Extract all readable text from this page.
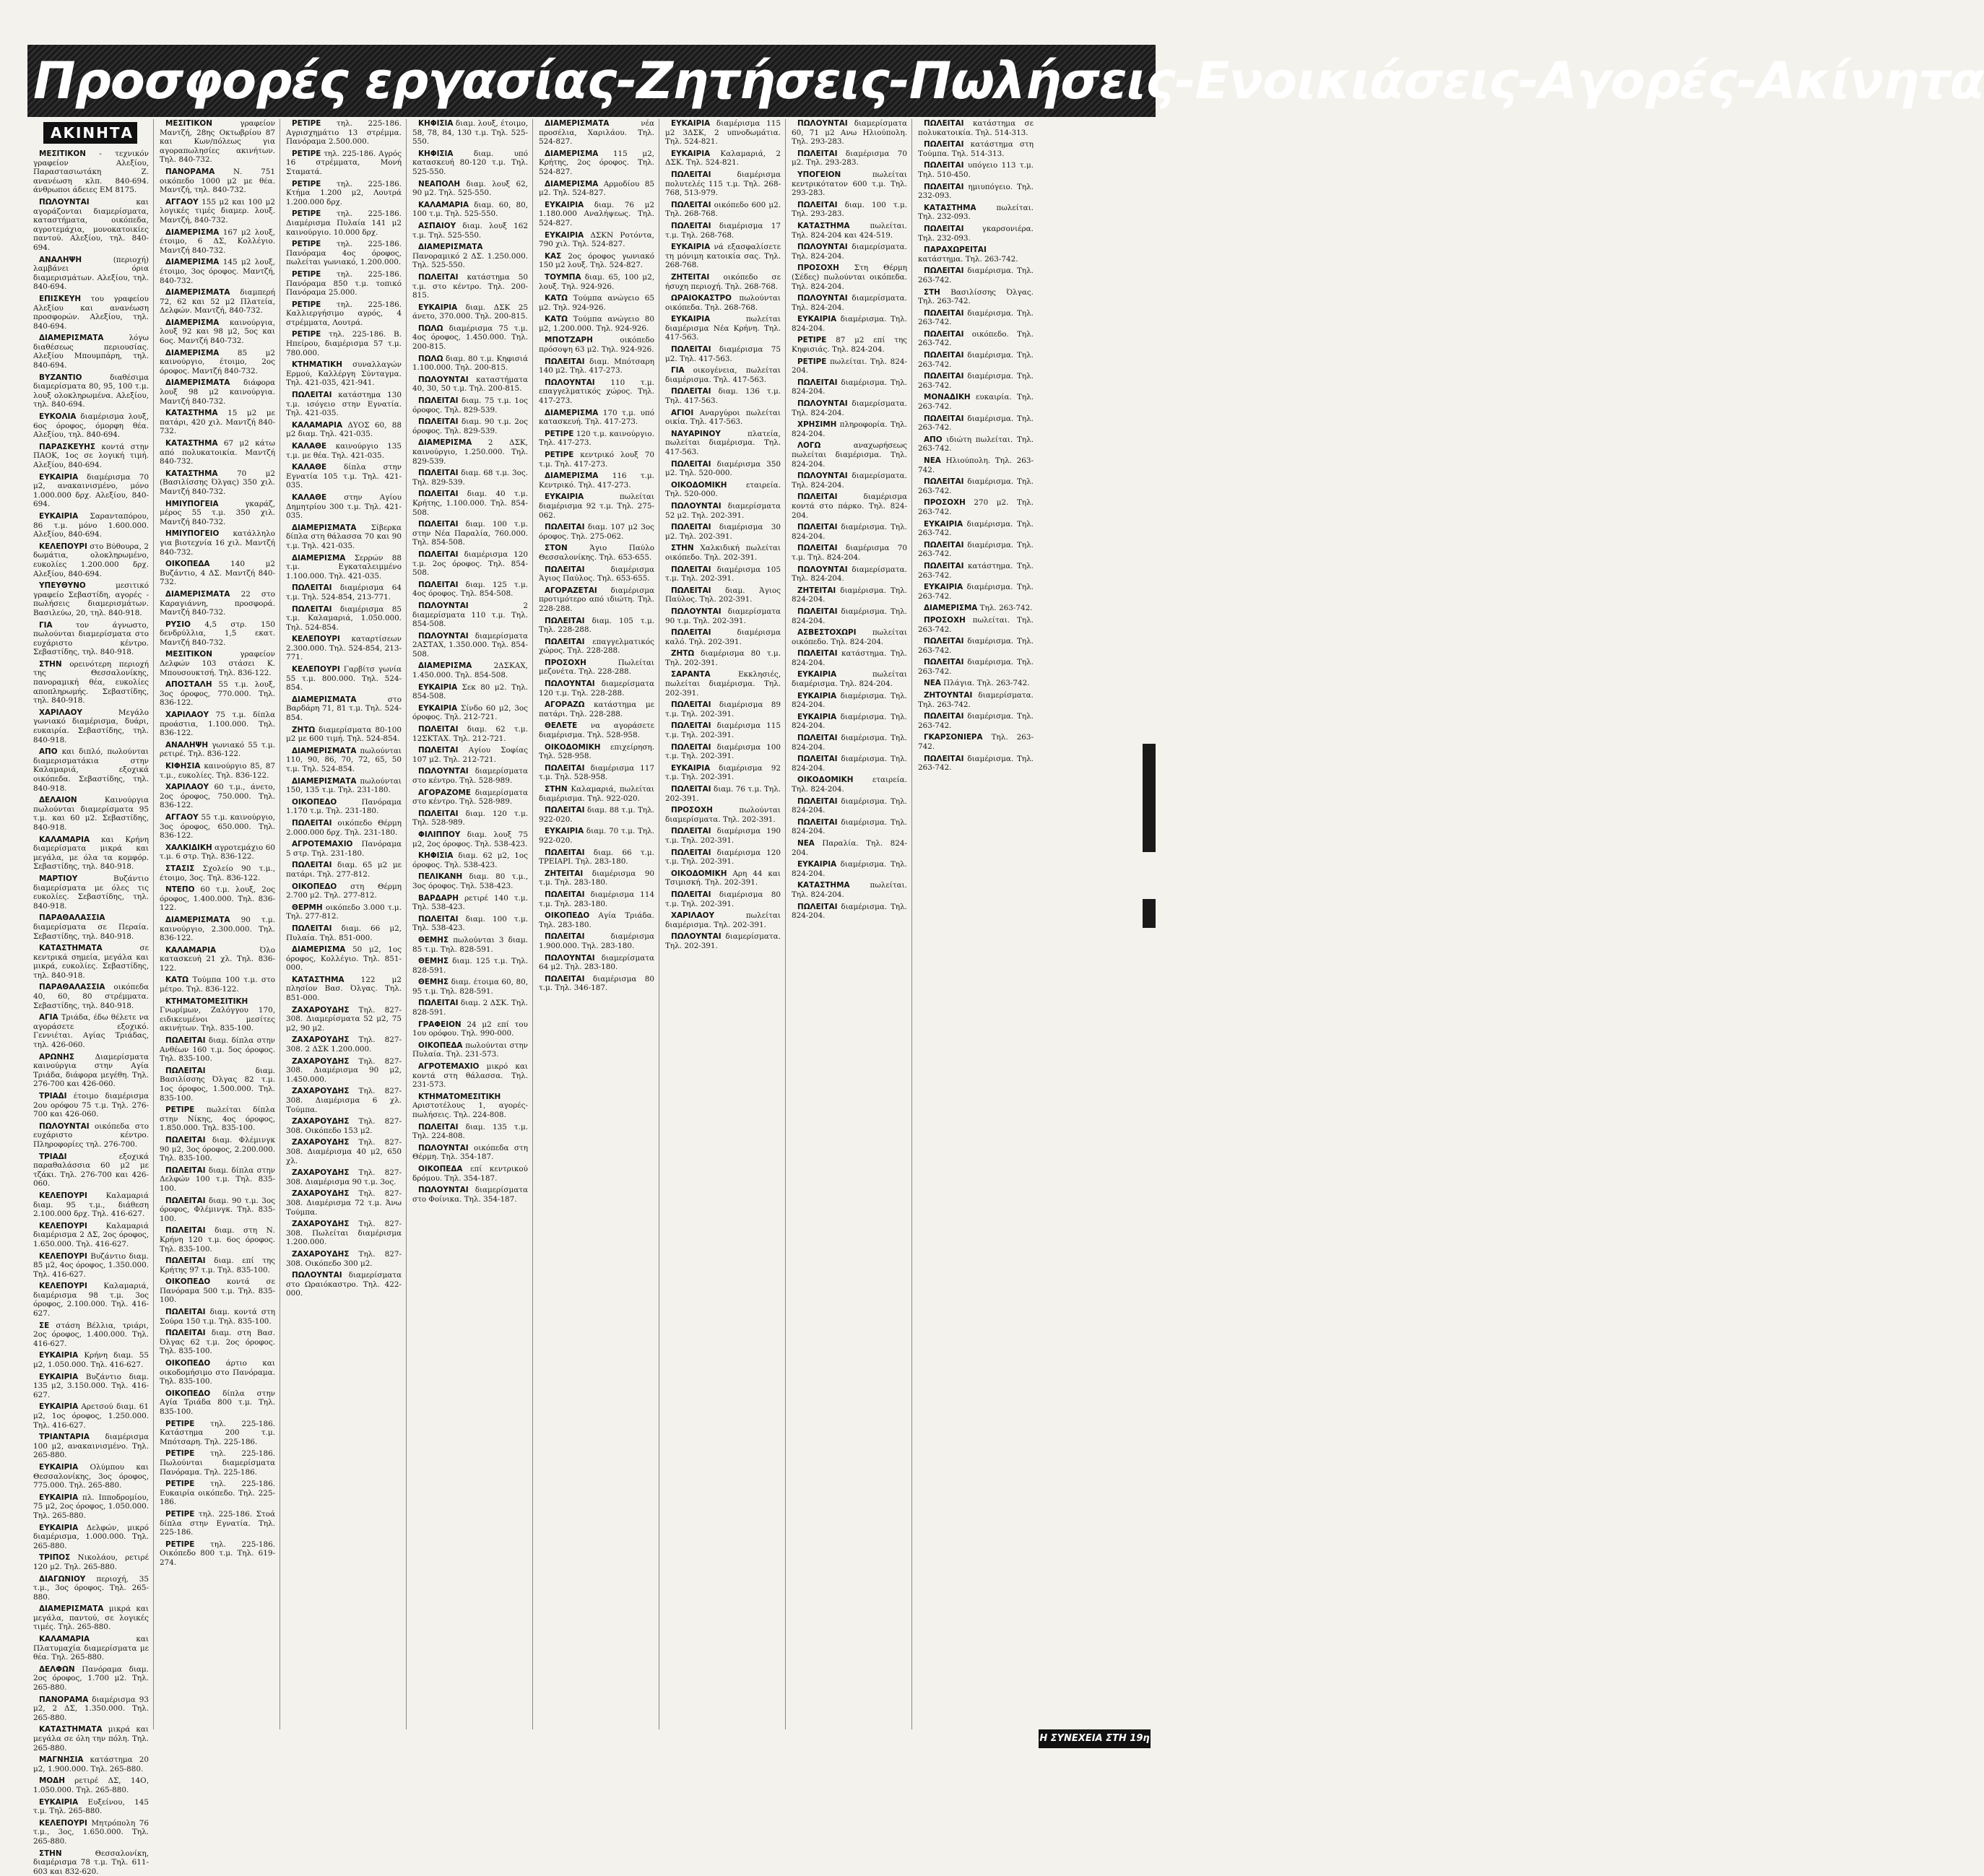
Προσφορές εργασίας-Ζητήσεις-Πωλήσεις-Ενοικιάσεις-Αγορές-Ακίνητα
ΑΚΙΝΗΤΑ

ΜΕΣΙΤΙΚΟΝ - τεχνικόν γραφείον Αλεξίου, Παραστασιωτάκη Ζ. ανανέωση κλπ. 840-694. άνθρωποι άδειες ΕΜ 8175.

ΠΩΛΟΥΝΤΑΙ	και αγοράζονται διαμερίσματα, καταστήματα, οικόπεδα, αγροτεμάχια, μονοκατοικίες παντού. Αλεξίου, τηλ. 840-694.

ΑΝΑΛΗΨΗ	(περιοχή) λαμβάνει όρια διαμερισμάτων. Αλεξίου, τηλ. 840-694.

ΕΠΙΣΚΕΥΗ του γραφείου Αλεξίου και ανανέωση προσφορών. Αλεξίου, τηλ. 840-694.

ΔΙΑΜΕΡΙΣΜΑΤΑ	λόγω διαθέσεως περιουσίας. Αλεξίου Μπουμπάρη, τηλ. 840-694.

ΒΥΖΑΝΤΙΟ	διαθέσιμα διαμερίσματα 80, 95, 100 τ.μ. λουξ ολοκληρωμένα. Αλεξίου, τηλ. 840-694.

ΕΥΚΟΛΙΑ διαμέρισμα λουξ, 6ος όροφος, όμορφη θέα. Αλεξίου, τηλ. 840-694.

ΠΑΡΑΣΚΕΥΗΣ κοντά στην ΠΑΟΚ, 1ος σε λογική τιμή. Αλεξίου, 840-694.

ΕΥΚΑΙΡΙΑ διαμέρισμα 70 μ2, ανακαινισμένο, μόνο 1.000.000 δρχ. Αλεξίου, 840-694.

ΕΥΚΑΙΡΙΑ Σαρανταπόρου, 86 τ.μ. μόνο 1.600.000. Αλεξίου, 840-694.

ΚΕΛΕΠΟΥΡΙ στο Βύθουρα, 2 δωμάτια, ολοκληρωμένο, ευκολίες 1.200.000 δρχ. Αλεξίου, 840-694.

ΥΠΕΥΘΥΝΟ	μεσιτικό γραφείο Σεβαστίδη, αγορές - πωλήσεις διαμερισμάτων. Βασιλεύω, 20, τηλ. 840-918.

ΓΙΑ	τον άγνωστο, πωλούνται διαμερίσματα στο ευχάριστο κέντρο. Σεβαστίδης, τηλ. 840-918.

ΣΤΗΝ ορεινότερη περιοχή της Θεσσαλονίκης, πανοραμική θέα, ευκολίες αποπληρωμής. Σεβαστίδης, τηλ. 840-918.

ΧΑΡΙΛΑΟΥ	Μεγάλο γωνιακό διαμέρισμα, δυάρι, ευκαιρία. Σεβαστίδης, τηλ. 840-918.

ΑΠΟ και διπλό, πωλούνται διαμερισματάκια στην Καλαμαριά, εξοχικά οικόπεδα. Σεβαστίδης, τηλ. 840-918.

ΔΕΛΑΙΟΝ	Καινούργια πωλούνται διαμερίσματα 95 τ.μ. και 60 μ2. Σεβαστίδης, 840-918.

ΚΑΛΑΜΑΡΙΑ και Κρήνη διαμερίσματα μικρά και μεγάλα, με όλα τα κομφόρ. Σεβαστίδης, τηλ. 840-918.

ΜΑΡΤΙΟΥ	Βυζάντιο διαμερίσματα με όλες τις ευκολίες. Σεβαστίδης, τηλ. 840-918.

ΠΑΡΑΘΑΛΑΣΣΙΑ διαμερίσματα σε Περαία. Σεβαστίδης, τηλ. 840-918.

ΚΑΤΑΣΤΗΜΑΤΑ	σε κεντρικά σημεία, μεγάλα και μικρά, ευκολίες. Σεβαστίδης, τηλ. 840-918.

ΠΑΡΑΘΑΛΑΣΣΙΑ οικόπεδα 40, 60, 80 στρέμματα. Σεβαστίδης, τηλ. 840-918.

ΑΓΙΑ Τριάδα, έδω θέλετε να αγοράσετε εξοχικό. Γεννιέται. Αγίας Τριάδας, τηλ. 426-060.

ΑΡΩΝΗΣ	Διαμερίσματα καινούργια στην Αγία Τριάδα, διάφορα μεγέθη. Τηλ. 276-700 και 426-060.

ΤΡΙΑΔΙ έτοιμο διαμέρισμα 2ου ορόφου 75 τ.μ. Τηλ. 276-700 και 426-060.

ΠΩΛΟΥΝΤΑΙ οικόπεδα στο ευχάριστο κέντρο. Πληροφορίες τηλ. 276-700.

ΤΡΙΑΔΙ	εξοχικά παραθαλάσσια 60 μ2 με τζάκι. Τηλ. 276-700 και 426-060.

ΚΕΛΕΠΟΥΡΙ Καλαμαριά διαμ. 95 τ.μ., διάθεση 2.100.000 δρχ. Τηλ. 416-627.

ΚΕΛΕΠΟΥΡΙ Καλαμαριά διαμέρισμα 2 ΔΣ, 2ος όροφος, 1.650.000. Τηλ. 416-627.

ΚΕΛΕΠΟΥΡΙ Βυζάντιο διαμ. 85 μ2, 4ος όροφος, 1.350.000. Τηλ. 416-627.

ΚΕΛΕΠΟΥΡΙ Καλαμαριά, διαμέρισμα 98 τ.μ. 3ος όροφος, 2.100.000. Τηλ. 416-627.

ΣΕ στάση Βέλλια, τριάρι, 2ος όροφος, 1.400.000. Τηλ. 416-627.

ΕΥΚΑΙΡΙΑ Κρήνη διαμ. 55 μ2, 1.050.000. Τηλ. 416-627.

ΕΥΚΑΙΡΙΑ Βυζάντιο διαμ. 135 μ2, 3.150.000. Τηλ. 416-627.

ΕΥΚΑΙΡΙΑ Αρετσού διαμ. 61 μ2, 1ος όροφος, 1.250.000. Τηλ. 416-627.

ΤΡΙΑΝΤΑΡΙΑ διαμέρισμα 100 μ2, ανακαινισμένο. Τηλ. 265-880.

ΕΥΚΑΙΡΙΑ Ολύμπου και Θεσσαλονίκης, 3ος όροφος, 775.000. Τηλ. 265-880.

ΕΥΚΑΙΡΙΑ πλ. Ιπποδρομίου, 75 μ2, 2ος όροφος, 1.050.000. Τηλ. 265-880.

ΕΥΚΑΙΡΙΑ Δελφών, μικρό διαμέρισμα, 1.000.000. Τηλ. 265-880.

ΤΡΙΠΟΣ Νικολάου, ρετιρέ 120 μ2. Τηλ. 265-880.

ΔΙΑΓΩΝΙΟΥ περιοχή, 35 τ.μ., 3ος όροφος. Τηλ. 265-880.

ΔΙΑΜΕΡΙΣΜΑΤΑ μικρά και μεγάλα, παντού, σε λογικές τιμές. Τηλ. 265-880.

ΚΑΛΑΜΑΡΙΑ	και Πλατυμαχία διαμερίσματα με θέα. Τηλ. 265-880.

ΔΕΛΦΩΝ Πανόραμα διαμ. 2ος όροφος, 1.700 μ2. Τηλ. 265-880.

ΠΑΝΟΡΑΜΑ διαμέρισμα 93 μ2, 2 ΔΣ, 1.350.000. Τηλ. 265-880.

ΚΑΤΑΣΤΗΜΑΤΑ μικρά και μεγάλα σε όλη την πόλη. Τηλ. 265-880.

ΜΑΓΝΗΣΙΑ κατάστημα 20 μ2, 1.900.000. Τηλ. 265-880.

ΜΟΔΗ ρετιρέ ΔΣ, 14Ο, 1.050.000. Τηλ. 265-880.

ΕΥΚΑΙΡΙΑ Ευξείνου, 145 τ.μ. Τηλ. 265-880.

ΚΕΛΕΠΟΥΡΙ Μητρόπολη 76 τ.μ., 3ος, 1.650.000. Τηλ. 265-880.

ΣΤΗΝ	Θεσσαλονίκη, διαμέρισμα 78 τ.μ. Τηλ. 611-603 και 832-620.

ΜΕΣΙΤΙΚΟΝ	γραφείον Μαντζή, 28ης Οκτωβρίου 87 και Κων/πόλεως για αγοραπωλησίες ακινήτων. Τηλ. 840-732.

ΠΑΝΟΡΑΜΑ Ν. 751 οικόπεδο 1000 μ2 με θέα. Μαντζή, τηλ. 840-732.

ΑΓΓΑΟΥ 155 μ2 και 100 μ2 λογικές τιμές διαμερ. λουξ. Μαντζή, 840-732.

ΔΙΑΜΕΡΙΣΜΑ 167 μ2 λουξ, έτοιμο, 6 ΔΣ, Κολλέγιο. Μαντζή 840-732.

ΔΙΑΜΕΡΙΣΜΑ 145 μ2 λουξ, έτοιμο, 3ος όροφος. Μαντζή, 840-732.

ΔΙΑΜΕΡΙΣΜΑΤΑ διαμπερή 72, 62 και 52 μ2 Πλατεία, Δελφών. Μαντζή, 840-732.

ΔΙΑΜΕΡΙΣΜΑ καινούργια, λουξ 92 και 98 μ2, 5ος και 6ος. Μαντζή 840-732.

ΔΙΑΜΕΡΙΣΜΑ 85 μ2 καινούργιο, έτοιμο, 2ος όροφος. Μαντζή 840-732.

ΔΙΑΜΕΡΙΣΜΑΤΑ διάφορα λουξ 98 μ2 καινούργια. Μαντζή 840-732.

ΚΑΤΑΣΤΗΜΑ 15 μ2 με πατάρι, 420 χιλ. Μαντζή 840-732.

ΚΑΤΑΣΤΗΜΑ 67 μ2 κάτω από πολυκατοικία. Μαντζή 840-732.

ΚΑΤΑΣΤΗΜΑ	70 μ2 (Βασιλίσσης Όλγας) 350 χιλ. Μαντζή 840-732.

ΗΜΙΥΠΟΓΕΙΑ	γκαράζ, μέρος 55 τ.μ. 350 χιλ. Μαντζή 840-732.

ΗΜΙΥΠΟΓΕΙΟ κατάλληλο για βιοτεχνία 16 χιλ. Μαντζή 840-732.

ΟΙΚΟΠΕΔΑ	140 μ2 Βυζάντιο, 4 ΔΣ. Μαντζή 840-732.

ΔΙΑΜΕΡΙΣΜΑΤΑ 22 στο Καραγιάννη, προσφορά. Μαντζή 840-732.

ΡΥΣΙΟ 4,5 στρ. 150 δενδρύλλια, 1,5 εκατ. Μαντζή 840-732.

ΜΕΣΙΤΙΚΟΝ	γραφείον Δελφών 103 στάσει Κ. Μπουσουκτσή. Τηλ. 836-122.

ΑΠΟΣΤΑΛΗ 55 τ.μ. λουξ, 3ος όροφος, 770.000. Τηλ. 836-122.

ΧΑΡΙΛΑΟΥ 75 τ.μ. δίπλα προάστια, 1.100.000. Τηλ. 836-122.

ΑΝΑΛΗΨΗ γωνιακό 55 τ.μ. ρετιρέ. Τηλ. 836-122.

ΚΙΦΗΣΙΑ καινούργιο 85, 87 τ.μ., ευκολίες. Τηλ. 836-122.

ΧΑΡΙΛΑΟΥ 60 τ.μ., άνετο, 2ος όροφος, 750.000. Τηλ. 836-122.

ΑΓΓΑΟΥ 55 τ.μ. καινούργιο, 3ος όροφος, 650.000. Τηλ. 836-122.

ΧΑΛΚΙΔΙΚΗ αγροτεμάχιο 60 τ.μ. 6 στρ. Τηλ. 836-122.

ΣΤΑΣΙΣ Σχολείο 90 τ.μ., έτοιμο, 3ος. Τηλ. 836-122.

ΝΤΕΠΟ 60 τ.μ. λουξ, 2ος όροφος, 1.400.000. Τηλ. 836-122.

ΔΙΑΜΕΡΙΣΜΑΤΑ 90 τ.μ. καινούργιο, 2.300.000. Τηλ. 836-122.

ΚΑΛΑΜΑΡΙΑ	Όλο κατασκευή 21 χλ. Τηλ. 836-122.

ΚΑΤΩ Τούμπα 100 τ.μ. στο μέτρο. Τηλ. 836-122.

ΚΤΗΜΑΤΟΜΕΣΙΤΙΚΗ Γνωρίμων, Ζαλόγγου 170, ειδικευμένοι μεσίτες ακινήτων. Τηλ. 835-100.

ΠΩΛΕΙΤΑΙ διαμ. δίπλα στην Ανθέων 160 τ.μ. 5ος όροφος. Τηλ. 835-100.

ΠΩΛΕΙΤΑΙ	διαμ. Βασιλίσσης Όλγας 82 τ.μ. 1ος όροφος, 1.500.000. Τηλ. 835-100.

ΡΕΤΙΡΕ πωλείται δίπλα στην Νίκης, 4ος όροφος, 1.850.000. Τηλ. 835-100.

ΠΩΛΕΙΤΑΙ διαμ. Φλέμινγκ 90 μ2, 3ος όροφος, 2.200.000. Τηλ. 835-100.

ΠΩΛΕΙΤΑΙ διαμ. δίπλα στην Δελφών 100 τ.μ. Τηλ. 835-100.

ΠΩΛΕΙΤΑΙ διαμ. 90 τ.μ. 3ος όροφος, Φλέμινγκ. Τηλ. 835-100.

ΠΩΛΕΙΤΑΙ διαμ. στη Ν. Κρήνη 120 τ.μ. 6ος όροφος. Τηλ. 835-100.

ΠΩΛΕΙΤΑΙ διαμ. επί της Κρήτης 97 τ.μ. Τηλ. 835-100.

ΟΙΚΟΠΕΔΟ κοντά σε Πανόραμα 500 τ.μ. Τηλ. 835-100.

ΠΩΛΕΙΤΑΙ διαμ. κοντά στη Σούρα 150 τ.μ. Τηλ. 835-100.

ΠΩΛΕΙΤΑΙ διαμ. στη Βασ. Όλγας 62 τ.μ. 2ος όροφος. Τηλ. 835-100.

ΟΙΚΟΠΕΔΟ άρτιο και οικοδομήσιμο στο Πανόραμα. Τηλ. 835-100.

ΟΙΚΟΠΕΔΟ δίπλα στην Αγία Τριάδα 800 τ.μ. Τηλ. 835-100.

ΡΕΤΙΡΕ τηλ. 225-186. Κατάστημα 200 τ.μ. Μπότσαρη. Τηλ. 225-186.

ΡΕΤΙΡΕ τηλ. 225-186. Πωλούνται διαμερίσματα Πανόραμα. Τηλ. 225-186.

ΡΕΤΙΡΕ τηλ. 225-186. Ευκαιρία οικόπεδο. Τηλ. 225-186.

ΡΕΤΙΡΕ τηλ. 225-186. Στοά δίπλα στην Εγνατία. Τηλ. 225-186.

ΡΕΤΙΡΕ τηλ. 225-186. Οικόπεδο 800 τ.μ. Τηλ. 619-274.

ΡΕΤΙΡΕ τηλ. 225-186. Αγρισχημάτιο 13 στρέμμα. Πανόραμα 2.500.000.

ΡΕΤΙΡΕ τηλ. 225-186. Αγρός 16 στρέμματα, Μονή Σταματά.

ΡΕΤΙΡΕ τηλ. 225-186. Κτήμα 1.200 μ2, Λουτρά 1.200.000 δρχ.

ΡΕΤΙΡΕ τηλ. 225-186. Διαμέρισμα Πυλαία 141 μ2 καινούργιο. 10.000 δρχ.

ΡΕΤΙΡΕ τηλ. 225-186. Πανόραμα 4ος όροφος, πωλείται γωνιακό, 1.200.000.

ΡΕΤΙΡΕ τηλ. 225-186. Πανόραμα 850 τ.μ. τοπικό Πανόραμα 25.000.

ΡΕΤΙΡΕ τηλ. 225-186. Καλλιεργήσιμο αγρός, 4 στρέμματα, Λουτρά.

ΡΕΤΙΡΕ τηλ. 225-186. Β. Ηπείρου, διαμέρισμα 57 τ.μ. 780.000.

ΚΤΗΜΑΤΙΚΗ συναλλαγών Ερμού, Καλλέργη Σύνταγμα. Τηλ. 421-035, 421-941.

ΠΩΛΕΙΤΑΙ κατάστημα 130 τ.μ. ισόγειο στην Εγνατία. Τηλ. 421-035.

ΚΑΛΑΜΑΡΙΑ ΔΥΟΣ 60, 88 μ2 διαμ. Τηλ. 421-035.

ΚΑΛΑΘΕ καινούργιο 135 τ.μ. με θέα. Τηλ. 421-035.

ΚΑΛΑΘΕ δίπλα στην Εγνατία 105 τ.μ. Τηλ. 421-035.

ΚΑΛΑΘΕ στην Αγίου Δημητρίου 300 τ.μ. Τηλ. 421-035.

ΔΙΑΜΕΡΙΣΜΑΤΑ Σίβερκα δίπλα στη θάλασσα 70 και 90 τ.μ. Τηλ. 421-035.

ΔΙΑΜΕΡΙΣΜΑ Σερρών 88 τ.μ. Εγκαταλειμμένο 1.100.000. Τηλ. 421-035.

ΠΩΛΕΙΤΑΙ διαμέρισμα 64 τ.μ. Τηλ. 524-854, 213-771.

ΠΩΛΕΙΤΑΙ διαμέρισμα 85 τ.μ. Καλαμαριά, 1.050.000. Τηλ. 524-854.

ΚΕΛΕΠΟΥΡΙ καταρτίσεων 2.300.000. Τηλ. 524-854, 213-771.

ΚΕΛΕΠΟΥΡΙ Γαρβίτσ γωνία 55 τ.μ. 800.000. Τηλ. 524-854.

ΔΙΑΜΕΡΙΣΜΑΤΑ	στο Βαρδάρη 71, 81 τ.μ. Τηλ. 524-854.

ΖΗΤΩ διαμερίσματα 80-100 μ2 με 600 τιμή. Τηλ. 524-854.

ΔΙΑΜΕΡΙΣΜΑΤΑ πωλούνται 110, 90, 86, 70, 72, 65, 50 τ.μ. Τηλ. 524-854.

ΔΙΑΜΕΡΙΣΜΑΤΑ πωλούνται 150, 135 τ.μ. Τηλ. 231-180.

ΟΙΚΟΠΕΔΟ	Πανόραμα 1.170 τ.μ. Τηλ. 231-180.

ΠΩΛΕΙΤΑΙ οικόπεδο Θέρμη 2.000.000 δρχ. Τηλ. 231-180.

ΑΓΡΟΤΕΜΑΧΙΟ Πανόραμα 5 στρ. Τηλ. 231-180.

ΠΩΛΕΙΤΑΙ διαμ. 65 μ2 με πατάρι. Τηλ. 277-812.

ΟΙΚΟΠΕΔΟ στη Θέρμη 2.700 μ2. Τηλ. 277-812.

ΘΕΡΜΗ οικόπεδο 3.000 τ.μ. Τηλ. 277-812.

ΠΩΛΕΙΤΑΙ διαμ. 66 μ2, Πυλαία. Τηλ. 851-000.

ΔΙΑΜΕΡΙΣΜΑ 50 μ2, 1ος όροφος, Κολλέγιο. Τηλ. 851-000.

ΚΑΤΑΣΤΗΜΑ 122 μ2 πλησίον Βασ. Όλγας. Τηλ. 851-000.

ΖΑΧΑΡΟΥΔΗΣ Τηλ. 827-308. Διαμερίσματα 52 μ2, 75 μ2, 90 μ2.

ΖΑΧΑΡΟΥΔΗΣ Τηλ. 827-308. 2 ΔΣΚ 1.200.000.

ΖΑΧΑΡΟΥΔΗΣ Τηλ. 827-308. Διαμέρισμα 90 μ2, 1.450.000.

ΖΑΧΑΡΟΥΔΗΣ Τηλ. 827-308. Διαμέρισμα 6 χλ. Τούμπα.

ΖΑΧΑΡΟΥΔΗΣ Τηλ. 827-308. Οικόπεδο 153 μ2.

ΖΑΧΑΡΟΥΔΗΣ Τηλ. 827-308. Διαμέρισμα 40 μ2, 650 χλ.

ΖΑΧΑΡΟΥΔΗΣ Τηλ. 827-308. Διαμέρισμα 90 τ.μ. 3ος.

ΖΑΧΑΡΟΥΔΗΣ Τηλ. 827-308. Διαμέρισμα 72 τ.μ. Άνω Τούμπα.

ΖΑΧΑΡΟΥΔΗΣ Τηλ. 827-308. Πωλείται διαμέρισμα 1.200.000.

ΖΑΧΑΡΟΥΔΗΣ Τηλ. 827-308. Οικόπεδο 300 μ2.

ΠΩΛΟΥΝΤΑΙ διαμερίσματα στο Ωραιόκαστρο. Τηλ. 422-000.

ΚΗΦΙΣΙΑ διαμ. λουξ, έτοιμο, 58, 78, 84, 130 τ.μ. Τηλ. 525-550.

ΚΗΦΙΣΙΑ	διαμ. υπό κατασκευή 80-120 τ.μ. Τηλ. 525-550.

ΝΕΑΠΟΛΗ διαμ. λουξ 62, 90 μ2. Τηλ. 525-550.

ΚΑΛΑΜΑΡΙΑ διαμ. 60, 80, 100 τ.μ. Τηλ. 525-550.

ΑΣΠΑΙΟΥ διαμ. λουξ 162 τ.μ. Τηλ. 525-550.

ΔΙΑΜΕΡΙΣΜΑΤΑ Πανοραμικό 2 ΔΣ. 1.250.000. Τηλ. 525-550.

ΠΩΛΕΙΤΑΙ κατάστημα 50 τ.μ. στο κέντρο. Τηλ. 200-815.

ΕΥΚΑΙΡΙΑ διαμ. ΔΣΚ 25 άνετο, 370.000. Τηλ. 200-815.

ΠΩΛΩ διαμέρισμα 75 τ.μ. 4ος όροφος, 1.450.000. Τηλ. 200-815.

ΠΩΛΩ διαμ. 80 τ.μ. Κηφισιά 1.100.000. Τηλ. 200-815.

ΠΩΛΟΥΝΤΑΙ καταστήματα 40, 30, 50 τ.μ. Τηλ. 200-815.

ΠΩΛΕΙΤΑΙ διαμ. 75 τ.μ. 1ος όροφος. Τηλ. 829-539.

ΠΩΛΕΙΤΑΙ διαμ. 90 τ.μ. 2ος όροφος. Τηλ. 829-539.

ΔΙΑΜΕΡΙΣΜΑ 2 ΔΣΚ, καινούργιο, 1.250.000. Τηλ. 829-539.

ΠΩΛΕΙΤΑΙ διαμ. 68 τ.μ. 3ος. Τηλ. 829-539.

ΠΩΛΕΙΤΑΙ διαμ. 40 τ.μ. Κρήτης, 1.100.000. Τηλ. 854-508.

ΠΩΛΕΙΤΑΙ διαμ. 100 τ.μ. στην Νέα Παραλία, 760.000. Τηλ. 854-508.

ΠΩΛΕΙΤΑΙ διαμέρισμα 120 τ.μ. 2ος όροφος. Τηλ. 854-508.

ΠΩΛΕΙΤΑΙ διαμ. 125 τ.μ. 4ος όροφος. Τηλ. 854-508.

ΠΩΛΟΥΝΤΑΙ	2 διαμερίσματα 110 τ.μ. Τηλ. 854-508.

ΠΩΛΟΥΝΤΑΙ διαμερίσματα 2ΑΣΤΑΧ, 1.350.000. Τηλ. 854-508.

ΔΙΑΜΕΡΙΣΜΑ	2ΔΣΚΑΧ, 1.450.000. Τηλ. 854-508.

ΕΥΚΑΙΡΙΑ Σεκ 80 μ2. Τηλ. 854-508.

ΕΥΚΑΙΡΙΑ Σίνδο 60 μ2, 3ος όροφος. Τηλ. 212-721.

ΠΩΛΕΙΤΑΙ διαμ. 62 τ.μ. 12ΣΚΤΑΧ. Τηλ. 212-721.

ΠΩΛΕΙΤΑΙ Αγίου Σοφίας 107 μ2. Τηλ. 212-721.

ΠΩΛΟΥΝΤΑΙ διαμερίσματα στο κέντρο. Τηλ. 528-989.

ΑΓΟΡΑΖΟΜΕ διαμερίσματα στο κέντρο. Τηλ. 528-989.

ΠΩΛΕΙΤΑΙ διαμ. 120 τ.μ. Τηλ. 528-989.

ΦΙΛΙΠΠΟΥ διαμ. λουξ 75 μ2, 2ος όροφος. Τηλ. 538-423.

ΚΗΦΙΣΙΑ διαμ. 62 μ2, 1ος όροφος. Τηλ. 538-423.

ΠΕΛΙΚΑΝΗ διαμ. 80 τ.μ., 3ος όροφος. Τηλ. 538-423.

ΒΑΡΔΑΡΗ ρετιρέ 140 τ.μ. Τηλ. 538-423.

ΠΩΛΕΙΤΑΙ διαμ. 100 τ.μ. Τηλ. 538-423.

ΘΕΜΗΣ πωλούνται 3 διαμ. 85 τ.μ. Τηλ. 828-591.

ΘΕΜΗΣ διαμ. 125 τ.μ. Τηλ. 828-591.

ΘΕΜΗΣ διαμ. έτοιμα 60, 80, 95 τ.μ. Τηλ. 828-591.

ΠΩΛΕΙΤΑΙ διαμ. 2 ΔΣΚ. Τηλ. 828-591.

ΓΡΑΦΕΙΟΝ 24 μ2 επί του 1ου ορόφου. Τηλ. 990-000.

ΟΙΚΟΠΕΔΑ πωλούνται στην Πυλαία. Τηλ. 231-573.

ΑΓΡΟΤΕΜΑΧΙΟ μικρό και κοντά στη θάλασσα. Τηλ. 231-573.

ΚΤΗΜΑΤΟΜΕΣΙΤΙΚΗ Αριστοτέλους 1, αγορές-πωλήσεις. Τηλ. 224-808.

ΠΩΛΕΙΤΑΙ διαμ. 135 τ.μ. Τηλ. 224-808.

ΠΩΛΟΥΝΤΑΙ οικόπεδα στη Θέρμη. Τηλ. 354-187.

ΟΙΚΟΠΕΔΑ επί κεντρικού δρόμου. Τηλ. 354-187.

ΠΩΛΟΥΝΤΑΙ διαμερίσματα στο Φοίνικα. Τηλ. 354-187.

ΔΙΑΜΕΡΙΣΜΑΤΑ	νέα προσέλια, Χαριλάου. Τηλ. 524-827.

ΔΙΑΜΕΡΙΣΜΑ 115 μ2, Κρήτης, 2ος όροφος. Τηλ. 524-827.

ΔΙΑΜΕΡΙΣΜΑ Αρμοδίου 85 μ2. Τηλ. 524-827.

ΕΥΚΑΙΡΙΑ διαμ. 76 μ2 1.180.000 Αναλήψεως. Τηλ. 524-827.

ΕΥΚΑΙΡΙΑ ΔΣΚΝ Ροτόντα, 790 χιλ. Τηλ. 524-827.

ΚΑΣ 2ος όροφος γωνιακό 150 μ2 λουξ. Τηλ. 524-827.

ΤΟΥΜΠΑ διαμ. 65, 100 μ2, λουξ. Τηλ. 924-926.

ΚΑΤΩ Τούμπα ανώγειο 65 μ2. Τηλ. 924-926.

ΚΑΤΩ Τούμπα ανώγειο 80 μ2, 1.200.000. Τηλ. 924-926.

ΜΠΟΤΖΑΡΗ	οικόπεδο πρόσοψη 63 μ2. Τηλ. 924-926.

ΠΩΛΕΙΤΑΙ διαμ. Μπότσαρη 140 μ2. Τηλ. 417-273.

ΠΩΛΟΥΝΤΑΙ 110 τ.μ. επαγγελματικός χώρος. Τηλ. 417-273.

ΔΙΑΜΕΡΙΣΜΑ 170 τ.μ. υπό κατασκευή. Τηλ. 417-273.

ΡΕΤΙΡΕ 120 τ.μ. καινούργιο. Τηλ. 417-273.

ΡΕΤΙΡΕ κεντρικό λουξ 70 τ.μ. Τηλ. 417-273.

ΔΙΑΜΕΡΙΣΜΑ 116 τ.μ. Κεντρικό. Τηλ. 417-273.

ΕΥΚΑΙΡΙΑ	πωλείται διαμέρισμα 92 τ.μ. Τηλ. 275-062.

ΠΩΛΕΙΤΑΙ διαμ. 107 μ2 3ος όροφος. Τηλ. 275-062.

ΣΤΟΝ	Άγιο Παύλο Θεσσαλονίκης. Τηλ. 653-655.

ΠΩΛΕΙΤΑΙ	διαμέρισμα Άγιος Παύλος. Τηλ. 653-655.

ΑΓΟΡΑΖΕΤΑΙ διαμέρισμα προτιμότερο από ιδιώτη. Τηλ. 228-288.

ΠΩΛΕΙΤΑΙ διαμ. 105 τ.μ. Τηλ. 228-288.

ΠΩΛΕΙΤΑΙ επαγγελματικός χώρος. Τηλ. 228-288.

ΠΡΟΣΟΧΗ	Πωλείται μεζονέτα. Τηλ. 228-288.

ΠΩΛΟΥΝΤΑΙ διαμερίσματα 120 τ.μ. Τηλ. 228-288.

ΑΓΟΡΑΖΩ κατάστημα με πατάρι. Τηλ. 228-288.

ΘΕΛΕΤΕ να αγοράσετε διαμέρισμα. Τηλ. 528-958.

ΟΙΚΟΔΟΜΙΚΗ επιχείρηση. Τηλ. 528-958.

ΠΩΛΕΙΤΑΙ διαμέρισμα 117 τ.μ. Τηλ. 528-958.

ΣΤΗΝ Καλαμαριά, πωλείται διαμέρισμα. Τηλ. 922-020.

ΠΩΛΕΙΤΑΙ διαμ. 88 τ.μ. Τηλ. 922-020.

ΕΥΚΑΙΡΙΑ διαμ. 70 τ.μ. Τηλ. 922-020.

ΠΩΛΕΙΤΑΙ διαμ. 66 τ.μ. ΤΡΕΙΑΡΙ. Τηλ. 283-180.

ΖΗΤΕΙΤΑΙ διαμέρισμα 90 τ.μ. Τηλ. 283-180.

ΠΩΛΕΙΤΑΙ διαμέρισμα 114 τ.μ. Τηλ. 283-180.

ΟΙΚΟΠΕΔΟ Αγία Τριάδα. Τηλ. 283-180.

ΠΩΛΕΙΤΑΙ	διαμέρισμα 1.900.000. Τηλ. 283-180.

ΠΩΛΟΥΝΤΑΙ διαμερίσματα 64 μ2. Τηλ. 283-180.

ΠΩΛΕΙΤΑΙ διαμέρισμα 80 τ.μ. Τηλ. 346-187.

ΕΥΚΑΙΡΙΑ διαμέρισμα 115 μ2 3ΔΣΚ, 2 υπνοδωμάτια. Τηλ. 524-821.

ΕΥΚΑΙΡΙΑ Καλαμαριά, 2 ΔΣΚ. Τηλ. 524-821.

ΠΩΛΕΙΤΑΙ	διαμέρισμα πολυτελές 115 τ.μ. Τηλ. 268-768, 513-979.

ΠΩΛΕΙΤΑΙ οικόπεδο 600 μ2. Τηλ. 268-768.

ΠΩΛΕΙΤΑΙ διαμέρισμα 17 τ.μ. Τηλ. 268-768.

ΕΥΚΑΙΡΙΑ νά εξασφαλίσετε τη μόνιμη κατοικία σας. Τηλ. 268-768.

ΖΗΤΕΙΤΑΙ οικόπεδο σε ήσυχη περιοχή. Τηλ. 268-768.

ΩΡΑΙΟΚΑΣΤΡΟ πωλούνται οικόπεδα. Τηλ. 268-768.

ΕΥΚΑΙΡΙΑ	πωλείται διαμέρισμα Νέα Κρήνη. Τηλ. 417-563.

ΠΩΛΕΙΤΑΙ διαμέρισμα 75 μ2. Τηλ. 417-563.

ΓΙΑ οικογένεια, πωλείται διαμέρισμα. Τηλ. 417-563.

ΠΩΛΕΙΤΑΙ διαμ. 136 τ.μ. Τηλ. 417-563.

ΑΓΙΟΙ Αναργύροι πωλείται οικία. Τηλ. 417-563.

ΝΑΥΑΡΙΝΟΥ	πλατεία, πωλείται διαμέρισμα. Τηλ. 417-563.

ΠΩΛΕΙΤΑΙ διαμέρισμα 350 μ2. Τηλ. 520-000.

ΟΙΚΟΔΟΜΙΚΗ	εταιρεία. Τηλ. 520-000.

ΠΩΛΟΥΝΤΑΙ διαμερίσματα 52 μ2. Τηλ. 202-391.

ΠΩΛΕΙΤΑΙ διαμέρισμα 30 μ2. Τηλ. 202-391.

ΣΤΗΝ Χαλκιδική πωλείται οικόπεδο. Τηλ. 202-391.

ΠΩΛΕΙΤΑΙ διαμέρισμα 105 τ.μ. Τηλ. 202-391.

ΠΩΛΕΙΤΑΙ διαμ. Άγιος Παύλος. Τηλ. 202-391.

ΠΩΛΟΥΝΤΑΙ διαμερίσματα 90 τ.μ. Τηλ. 202-391.

ΠΩΛΕΙΤΑΙ	διαμέρισμα καλό. Τηλ. 202-391.

ΖΗΤΩ διαμέρισμα 80 τ.μ. Τηλ. 202-391.

ΣΑΡΑΝΤΑ	Εκκλησιές, πωλείται διαμέρισμα. Τηλ. 202-391.

ΠΩΛΕΙΤΑΙ διαμέρισμα 89 τ.μ. Τηλ. 202-391.

ΠΩΛΕΙΤΑΙ διαμέρισμα 115 τ.μ. Τηλ. 202-391.

ΠΩΛΕΙΤΑΙ διαμέρισμα 100 τ.μ. Τηλ. 202-391.

ΕΥΚΑΙΡΙΑ διαμέρισμα 92 τ.μ. Τηλ. 202-391.

ΠΩΛΕΙΤΑΙ διαμ. 76 τ.μ. Τηλ. 202-391.

ΠΡΟΣΟΧΗ	πωλούνται διαμερίσματα. Τηλ. 202-391.

ΠΩΛΕΙΤΑΙ διαμέρισμα 190 τ.μ. Τηλ. 202-391.

ΠΩΛΕΙΤΑΙ διαμέρισμα 120 τ.μ. Τηλ. 202-391.

ΟΙΚΟΔΟΜΙΚΗ Αρη 44 και Τσιμισκή. Τηλ. 202-391.

ΠΩΛΕΙΤΑΙ διαμέρισμα 80 τ.μ. Τηλ. 202-391.

ΧΑΡΙΛΑΟΥ	πωλείται διαμέρισμα. Τηλ. 202-391.

ΠΩΛΟΥΝΤΑΙ διαμερίσματα. Τηλ. 202-391.

ΠΩΛΟΥΝΤΑΙ διαμερίσματα 60, 71 μ2 Ανω Ηλιούπολη. Τηλ. 293-283.

ΠΩΛΕΙΤΑΙ διαμέρισμα 70 μ2. Τηλ. 293-283.

ΥΠΟΓΕΙΟΝ	πωλείται κεντρικότατον 600 τ.μ. Τηλ. 293-283.

ΠΩΛΕΙΤΑΙ διαμ. 100 τ.μ. Τηλ. 293-283.

ΚΑΤΑΣΤΗΜΑ	πωλείται. Τηλ. 824-204 και 424-519.

ΠΩΛΟΥΝΤΑΙ διαμερίσματα. Τηλ. 824-204.

ΠΡΟΣΟΧΗ Στη Θέρμη (Σέδες) πωλούνται οικόπεδα. Τηλ. 824-204.

ΠΩΛΟΥΝΤΑΙ διαμερίσματα. Τηλ. 824-204.

ΕΥΚΑΙΡΙΑ διαμέρισμα. Τηλ. 824-204.

ΡΕΤΙΡΕ 87 μ2 επί της Κηφισιάς. Τηλ. 824-204.

ΡΕΤΙΡΕ πωλείται. Τηλ. 824-204.

ΠΩΛΕΙΤΑΙ διαμέρισμα. Τηλ. 824-204.

ΠΩΛΟΥΝΤΑΙ διαμερίσματα. Τηλ. 824-204.

ΧΡΗΣΙΜΗ πληροφορία. Τηλ. 824-204.

ΛΟΓΩ	αναχωρήσεως πωλείται διαμέρισμα. Τηλ. 824-204.

ΠΩΛΟΥΝΤΑΙ διαμερίσματα. Τηλ. 824-204.

ΠΩΛΕΙΤΑΙ	διαμέρισμα κοντά στο πάρκο. Τηλ. 824-204.

ΠΩΛΕΙΤΑΙ διαμέρισμα. Τηλ. 824-204.

ΠΩΛΕΙΤΑΙ διαμέρισμα 70 τ.μ. Τηλ. 824-204.

ΠΩΛΟΥΝΤΑΙ διαμερίσματα. Τηλ. 824-204.

ΖΗΤΕΙΤΑΙ διαμέρισμα. Τηλ. 824-204.

ΠΩΛΕΙΤΑΙ διαμέρισμα. Τηλ. 824-204.

ΑΣΒΕΣΤΟΧΩΡΙ πωλείται οικόπεδο. Τηλ. 824-204.

ΠΩΛΕΙΤΑΙ κατάστημα. Τηλ. 824-204.

ΕΥΚΑΙΡΙΑ	πωλείται διαμέρισμα. Τηλ. 824-204.

ΕΥΚΑΙΡΙΑ διαμέρισμα. Τηλ. 824-204.

ΕΥΚΑΙΡΙΑ διαμέρισμα. Τηλ. 824-204.

ΠΩΛΕΙΤΑΙ διαμέρισμα. Τηλ. 824-204.

ΠΩΛΕΙΤΑΙ διαμέρισμα. Τηλ. 824-204.

ΟΙΚΟΔΟΜΙΚΗ	εταιρεία. Τηλ. 824-204.

ΠΩΛΕΙΤΑΙ διαμέρισμα. Τηλ. 824-204.

ΠΩΛΕΙΤΑΙ διαμέρισμα. Τηλ. 824-204.

ΝΕΑ Παραλία. Τηλ. 824-204.

ΕΥΚΑΙΡΙΑ διαμέρισμα. Τηλ. 824-204.

ΚΑΤΑΣΤΗΜΑ	πωλείται. Τηλ. 824-204.

ΠΩΛΕΙΤΑΙ διαμέρισμα. Τηλ. 824-204.

ΠΩΛΕΙΤΑΙ κατάστημα σε πολυκατοικία. Τηλ. 514-313.

ΠΩΛΕΙΤΑΙ κατάστημα στη Τούμπα. Τηλ. 514-313.

ΠΩΛΕΙΤΑΙ υπόγειο 113 τ.μ. Τηλ. 510-450.

ΠΩΛΕΙΤΑΙ ημιυπόγειο. Τηλ. 232-093.

ΚΑΤΑΣΤΗΜΑ	πωλείται. Τηλ. 232-093.

ΠΩΛΕΙΤΑΙ γκαρσονιέρα. Τηλ. 232-093.

ΠΑΡΑΧΩΡΕΙΤΑΙ κατάστημα. Τηλ. 263-742.

ΠΩΛΕΙΤΑΙ διαμέρισμα. Τηλ. 263-742.

ΣΤΗ Βασιλίσσης Όλγας. Τηλ. 263-742.

ΠΩΛΕΙΤΑΙ διαμέρισμα. Τηλ. 263-742.

ΠΩΛΕΙΤΑΙ οικόπεδο. Τηλ. 263-742.

ΠΩΛΕΙΤΑΙ διαμέρισμα. Τηλ. 263-742.

ΠΩΛΕΙΤΑΙ διαμέρισμα. Τηλ. 263-742.

ΜΟΝΑΔΙΚΗ ευκαιρία. Τηλ. 263-742.

ΠΩΛΕΙΤΑΙ διαμέρισμα. Τηλ. 263-742.

ΑΠΟ ιδιώτη πωλείται. Τηλ. 263-742.

ΝΕΑ Ηλιούπολη. Τηλ. 263-742.

ΠΩΛΕΙΤΑΙ διαμέρισμα. Τηλ. 263-742.

ΠΡΟΣΟΧΗ 270 μ2. Τηλ. 263-742.

ΕΥΚΑΙΡΙΑ διαμέρισμα. Τηλ. 263-742.

ΠΩΛΕΙΤΑΙ διαμέρισμα. Τηλ. 263-742.

ΠΩΛΕΙΤΑΙ κατάστημα. Τηλ. 263-742.

ΕΥΚΑΙΡΙΑ διαμέρισμα. Τηλ. 263-742.

ΔΙΑΜΕΡΙΣΜΑ Τηλ. 263-742.

ΠΡΟΣΟΧΗ πωλείται. Τηλ. 263-742.

ΠΩΛΕΙΤΑΙ διαμέρισμα. Τηλ. 263-742.

ΠΩΛΕΙΤΑΙ διαμέρισμα. Τηλ. 263-742.

ΝΕΑ Πλάγια. Τηλ. 263-742.

ΖΗΤΟΥΝΤΑΙ διαμερίσματα. Τηλ. 263-742.

ΠΩΛΕΙΤΑΙ διαμέρισμα. Τηλ. 263-742.

ΓΚΑΡΣΟΝΙΕΡΑ Τηλ. 263-742.

ΠΩΛΕΙΤΑΙ διαμέρισμα. Τηλ. 263-742.

Η ΣΥΝΕΧΕΙΑ ΣΤΗ 19η
